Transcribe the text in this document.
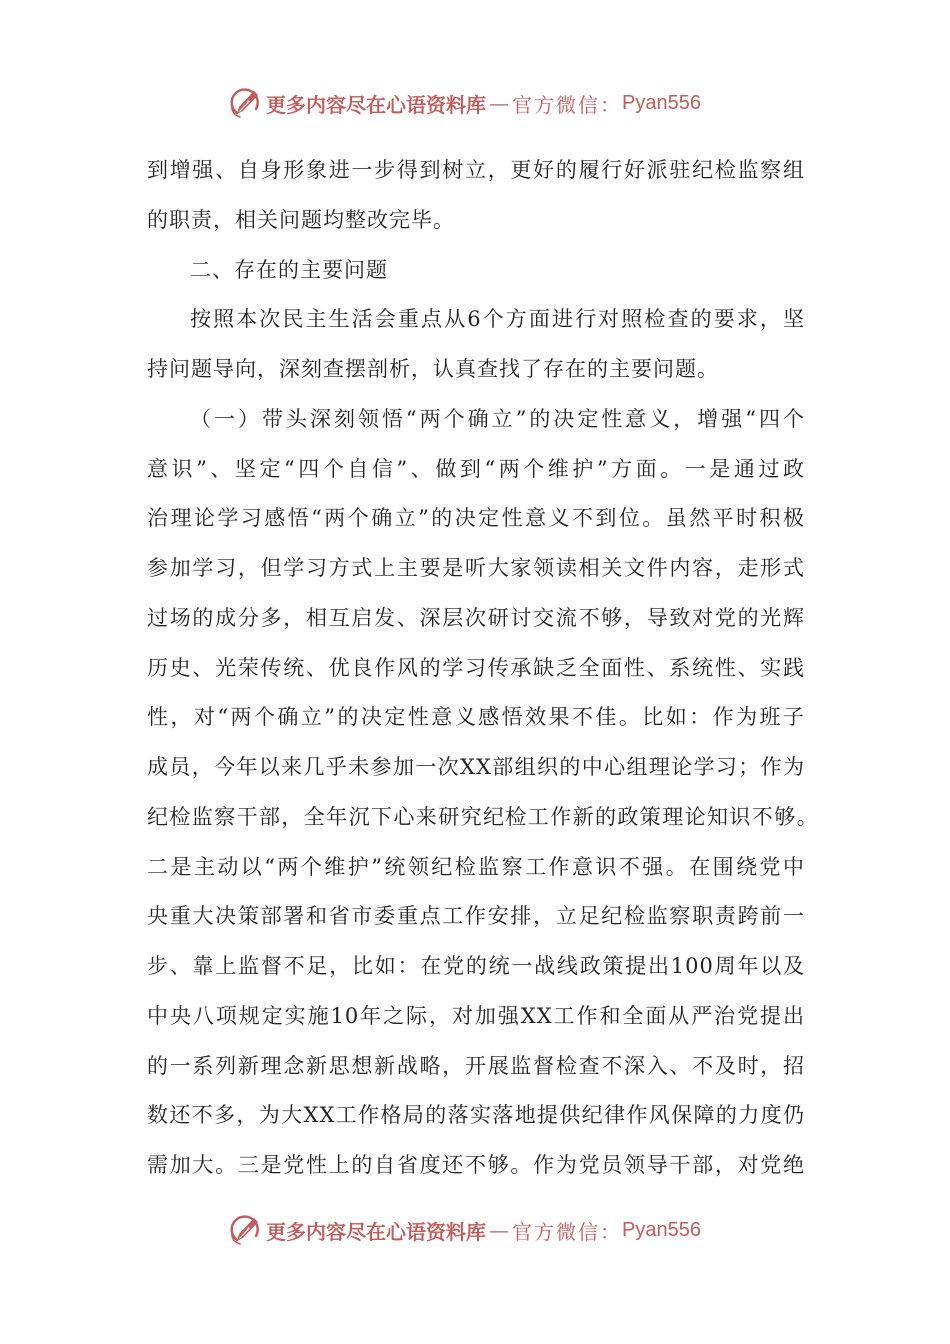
更多内容尽在心语资料库 — 官方微信： Pyan556
到增强、自身形象进一步得到树立，更好的履行好派驻纪检监察组
的职责，相关问题均整改完毕。
二、存在的主要问题
按照本次民主生活会重点从6个方面进行对照检查的要求，坚
持问题导向，深刻查摆剖析，认真查找了存在的主要问题。
（一）带头深刻领悟“两个确立”的决定性意义，增强“四个
意识”、坚定“四个自信”、做到“两个维护”方面。一是通过政
治理论学习感悟“两个确立”的决定性意义不到位。虽然平时积极
参加学习，但学习方式上主要是听大家领读相关文件内容，走形式
过场的成分多，相互启发、深层次研讨交流不够，导致对党的光辉
历史、光荣传统、优良作风的学习传承缺乏全面性、系统性、实践
性，对“两个确立”的决定性意义感悟效果不佳。比如：作为班子
成员，今年以来几乎未参加一次XX部组织的中心组理论学习；作为
纪检监察干部，全年沉下心来研究纪检工作新的政策理论知识不够。
二是主动以“两个维护”统领纪检监察工作意识不强。在围绕党中
央重大决策部署和省市委重点工作安排，立足纪检监察职责跨前一
步、靠上监督不足，比如：在党的统一战线政策提出100周年以及
中央八项规定实施10年之际，对加强XX工作和全面从严治党提出
的一系列新理念新思想新战略，开展监督检查不深入、不及时，招
数还不多，为大XX工作格局的落实落地提供纪律作风保障的力度仍
需加大。三是党性上的自省度还不够。作为党员领导干部，对党绝
更多内容尽在心语资料库 — 官方微信： Pyan556
